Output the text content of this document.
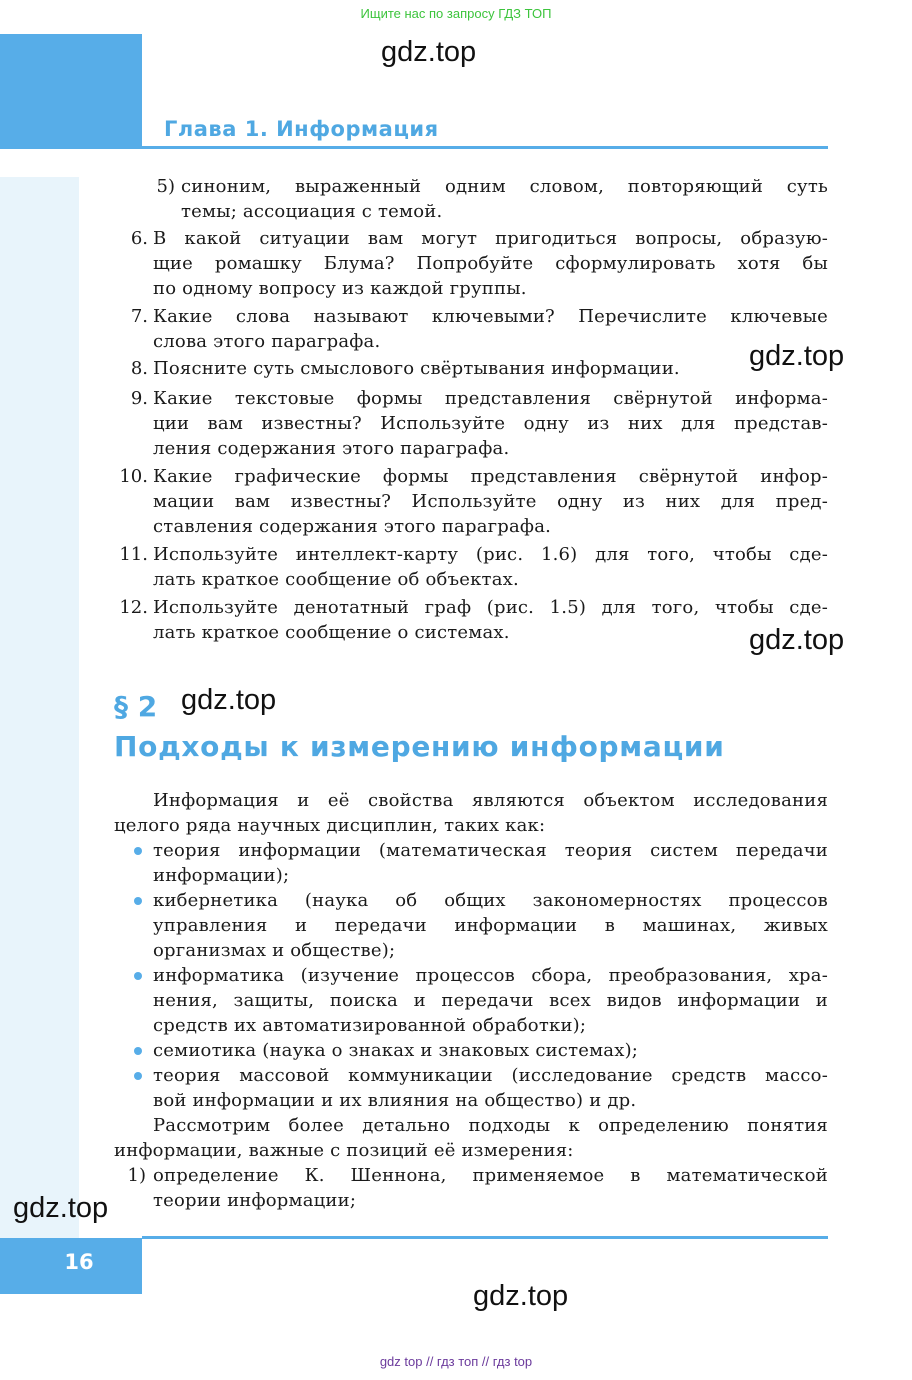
Ищите нас по запросу ГДЗ ТОП
Глава 1. Информация
gdz.top
5) синоним, выраженный одним словом, повторяющий суть
темы; ассоциация с темой.
6. В какой ситуации вам могут пригодиться вопросы, образую-
щие ромашку Блума? Попробуйте сформулировать хотя бы
по одному вопросу из каждой группы.
7. Какие слова называют ключевыми? Перечислите ключевые
слова этого параграфа.
8. Поясните суть смыслового свёртывания информации.
9. Какие текстовые формы представления свёрнутой информа-
ции вам известны? Используйте одну из них для представ-
ления содержания этого параграфа.
10. Какие графические формы представления свёрнутой инфор-
мации вам известны? Используйте одну из них для пред-
ставления содержания этого параграфа.
11. Используйте интеллект-карту (рис. 1.6) для того, чтобы сде-
лать краткое сообщение об объектах.
12. Используйте денотатный граф (рис. 1.5) для того, чтобы сде-
лать краткое сообщение о системах.
gdz.top
gdz.top
§ 2 gdz.top
Подходы к измерению информации
Информация и её свойства являются объектом исследования
целого ряда научных дисциплин, таких как:
теория информации (математическая теория систем передачи
информации);
кибернетика (наука об общих закономерностях процессов
управления и передачи информации в машинах, живых
организмах и обществе);
информатика (изучение процессов сбора, преобразования, хра-
нения, защиты, поиска и передачи всех видов информации и
средств их автоматизированной обработки);
семиотика (наука о знаках и знаковых системах);
теория массовой коммуникации (исследование средств массо-
вой информации и их влияния на общество) и др.
Рассмотрим более детально подходы к определению понятия
информации, важные с позиций её измерения:
1) определение К. Шеннона, применяемое в математической
теории информации;
gdz.top
16
gdz.top
gdz top // гдз топ // гдз top
